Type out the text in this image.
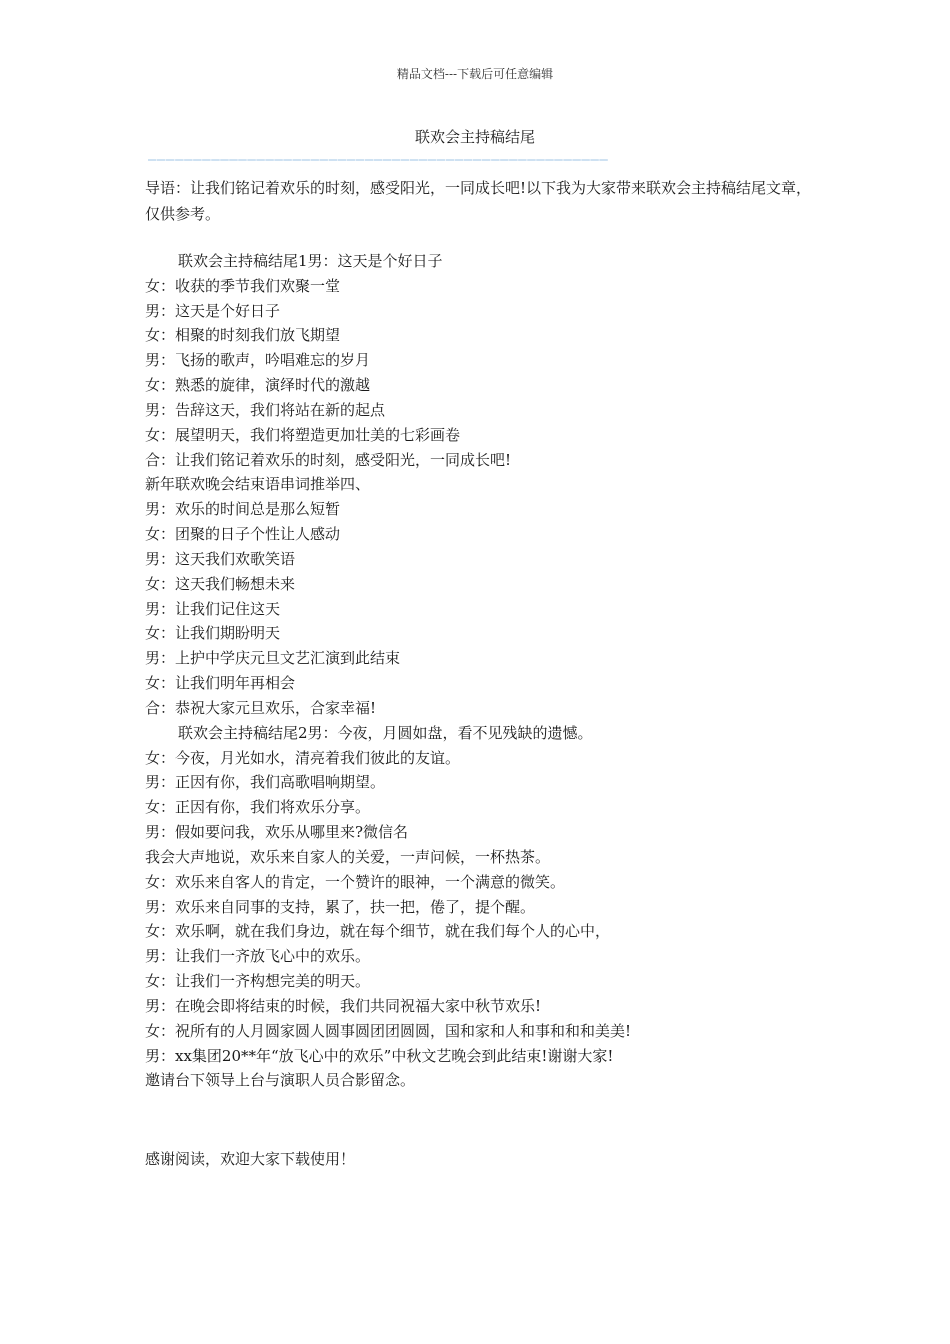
精品文档---下载后可任意编辑
联欢会主持稿结尾
———————————————————————————————————————————————————
导语：让我们铭记着欢乐的时刻，感受阳光，一同成长吧!以下我为大家带来联欢会主持稿结尾文章，仅供参考。
联欢会主持稿结尾1男：这天是个好日子
女：收获的季节我们欢聚一堂
男：这天是个好日子
女：相聚的时刻我们放飞期望
男：飞扬的歌声，吟唱难忘的岁月
女：熟悉的旋律，演绎时代的激越
男：告辞这天，我们将站在新的起点
女：展望明天，我们将塑造更加壮美的七彩画卷
合：让我们铭记着欢乐的时刻，感受阳光，一同成长吧!
新年联欢晚会结束语串词推举四、
男：欢乐的时间总是那么短暂
女：团聚的日子个性让人感动
男：这天我们欢歌笑语
女：这天我们畅想未来
男：让我们记住这天
女：让我们期盼明天
男：上护中学庆元旦文艺汇演到此结束
女：让我们明年再相会
合：恭祝大家元旦欢乐，合家幸福!
联欢会主持稿结尾2男：今夜，月圆如盘，看不见残缺的遗憾。
女：今夜，月光如水，清亮着我们彼此的友谊。
男：正因有你，我们高歌唱响期望。
女：正因有你，我们将欢乐分享。
男：假如要问我，欢乐从哪里来?微信名
我会大声地说，欢乐来自家人的关爱，一声问候，一杯热茶。
女：欢乐来自客人的肯定，一个赞许的眼神，一个满意的微笑。
男：欢乐来自同事的支持，累了，扶一把，倦了，提个醒。
女：欢乐啊，就在我们身边，就在每个细节，就在我们每个人的心中，
男：让我们一齐放飞心中的欢乐。
女：让我们一齐构想完美的明天。
男：在晚会即将结束的时候，我们共同祝福大家中秋节欢乐!
女：祝所有的人月圆家圆人圆事圆团团圆圆，国和家和人和事和和和美美!
男：xx集团20**年“放飞心中的欢乐”中秋文艺晚会到此结束!谢谢大家!
邀请台下领导上台与演职人员合影留念。
感谢阅读，欢迎大家下载使用！
